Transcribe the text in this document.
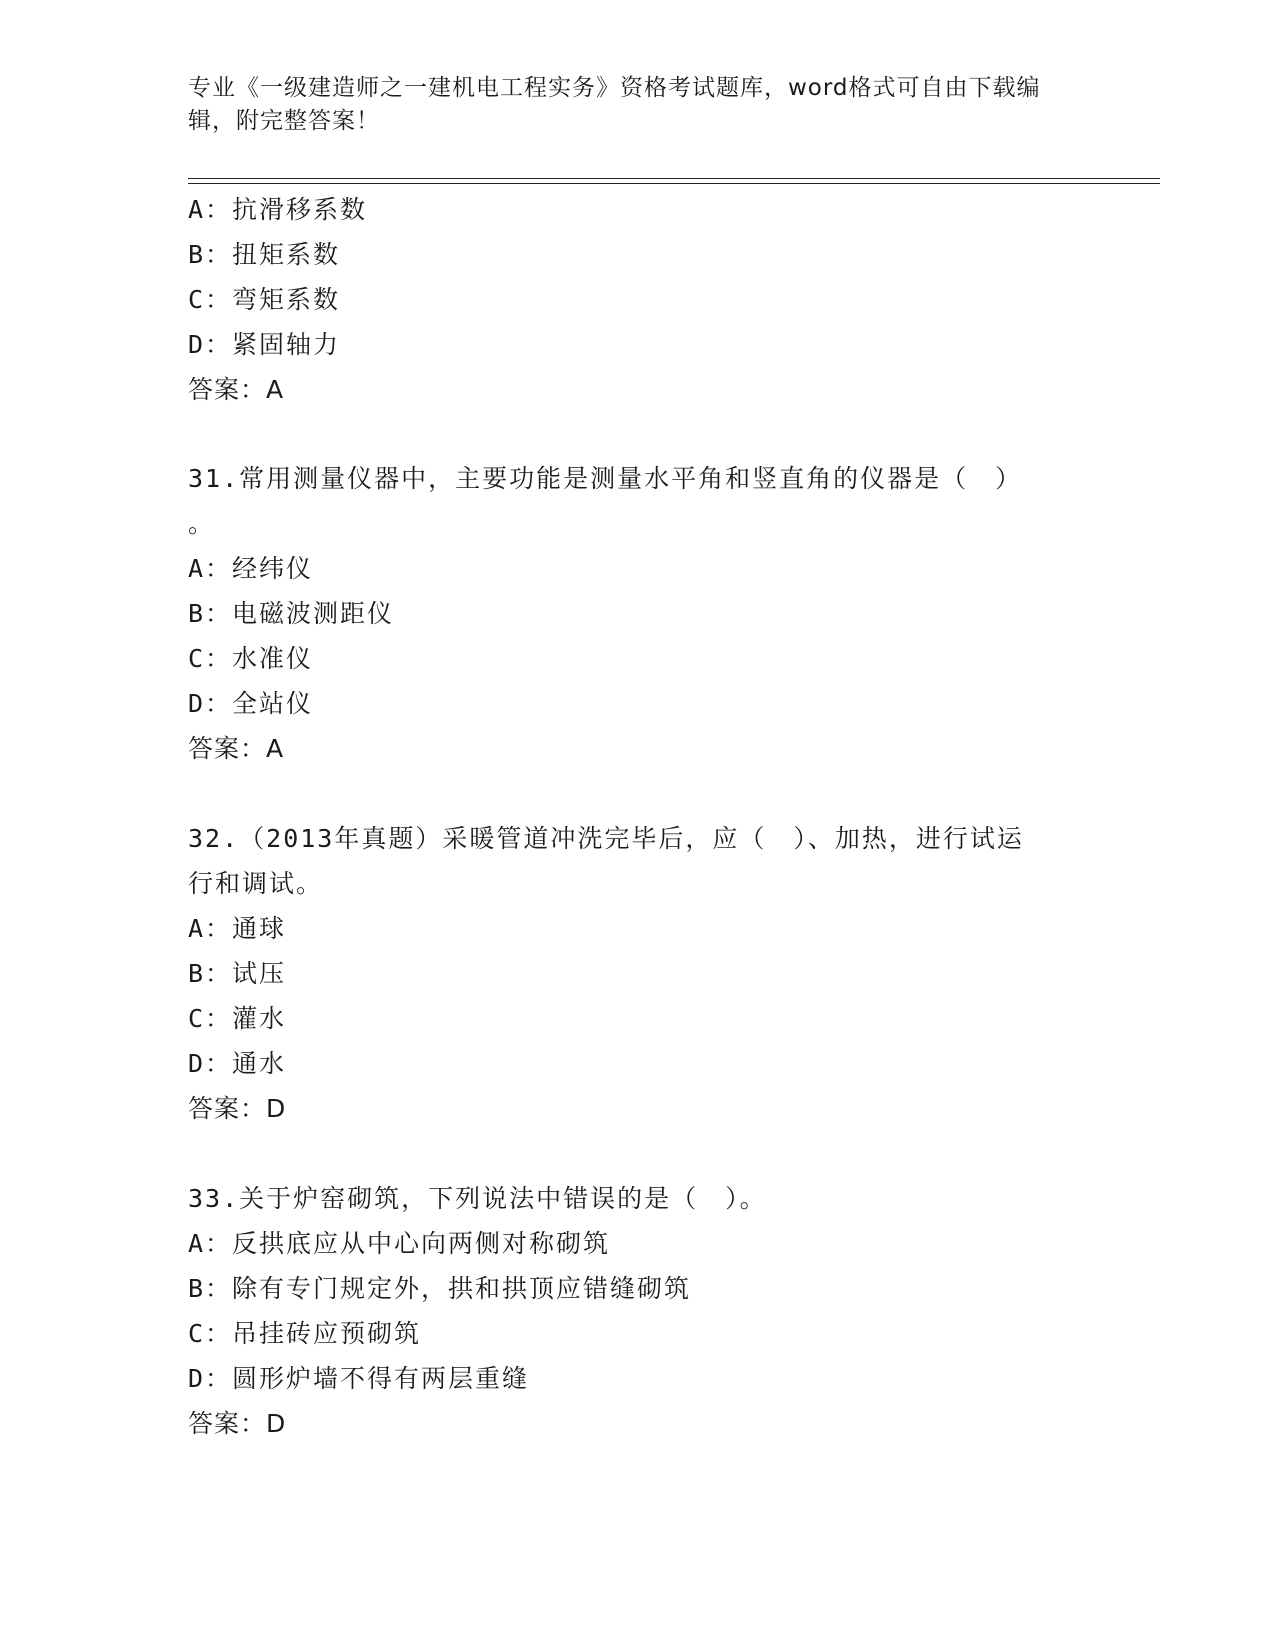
专业《一级建造师之一建机电工程实务》资格考试题库，word格式可自由下载编
辑，附完整答案！
A：抗滑移系数
B：扭矩系数
C：弯矩系数
D：紧固轴力
答案：A
31.常用测量仪器中，主要功能是测量水平角和竖直角的仪器是（　）
。
A：经纬仪
B：电磁波测距仪
C：水准仪
D：全站仪
答案：A
32.（2013年真题）采暖管道冲洗完毕后，应（　）、加热，进行试运
行和调试。
A：通球
B：试压
C：灌水
D：通水
答案：D
33.关于炉窑砌筑，下列说法中错误的是（　）。
A：反拱底应从中心向两侧对称砌筑
B：除有专门规定外，拱和拱顶应错缝砌筑
C：吊挂砖应预砌筑
D：圆形炉墙不得有两层重缝
答案：D
